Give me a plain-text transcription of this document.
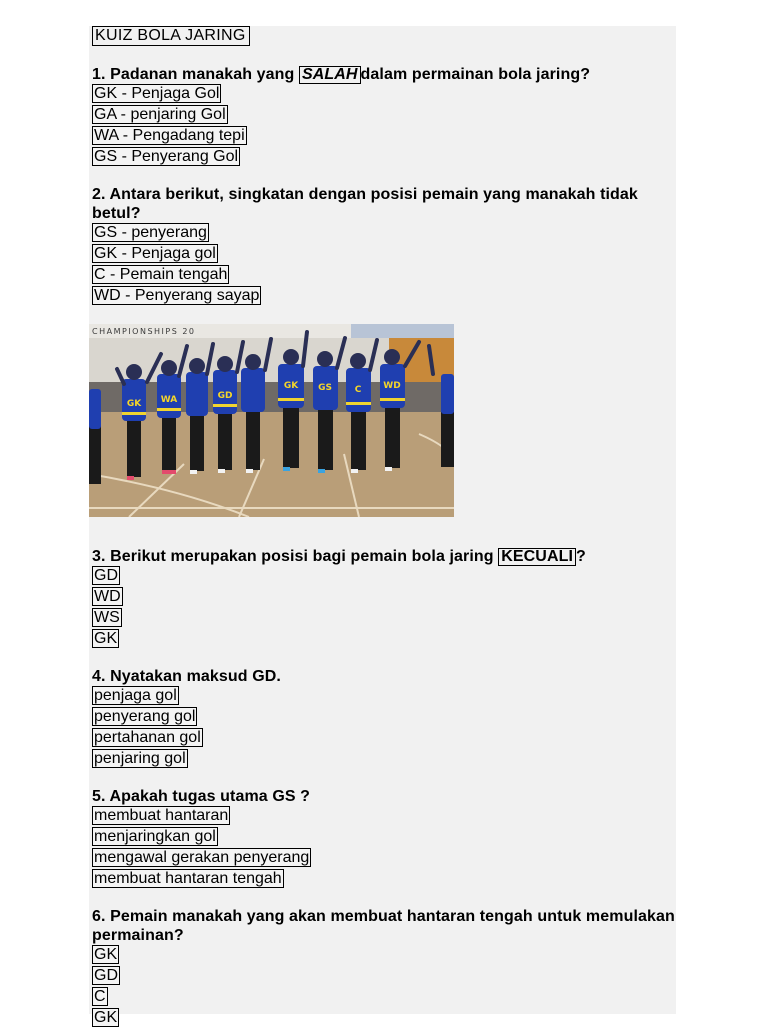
KUIZ BOLA JARING

1. Padanan manakah yang SALAHdalam permainan bola jaring?

GK - Penjaga Gol
GA - penjaring Gol
WA - Pengadang tepi
GS - Penyerang Gol

2. Antara berikut, singkatan dengan posisi pemain yang manakah tidak betul?

GS - penyerang
GK - Penjaga gol
C - Pemain tengah
WD - Penyerang sayap
CHAMPIONSHIPS 20
GK WA	GD
GK GS	C WD

3. Berikut merupakan posisi bagi pemain bola jaring KECUALI ?

GD
WD
WS
GK

4. Nyatakan maksud GD.

penjaga gol
penyerang gol
pertahanan gol
penjaring gol

5. Apakah tugas utama GS ?

membuat hantaran
menjaringkan gol
mengawal gerakan penyerang
membuat hantaran tengah

6. Pemain manakah yang akan membuat hantaran tengah untuk memulakan permainan?

GK
GD
C
GK
